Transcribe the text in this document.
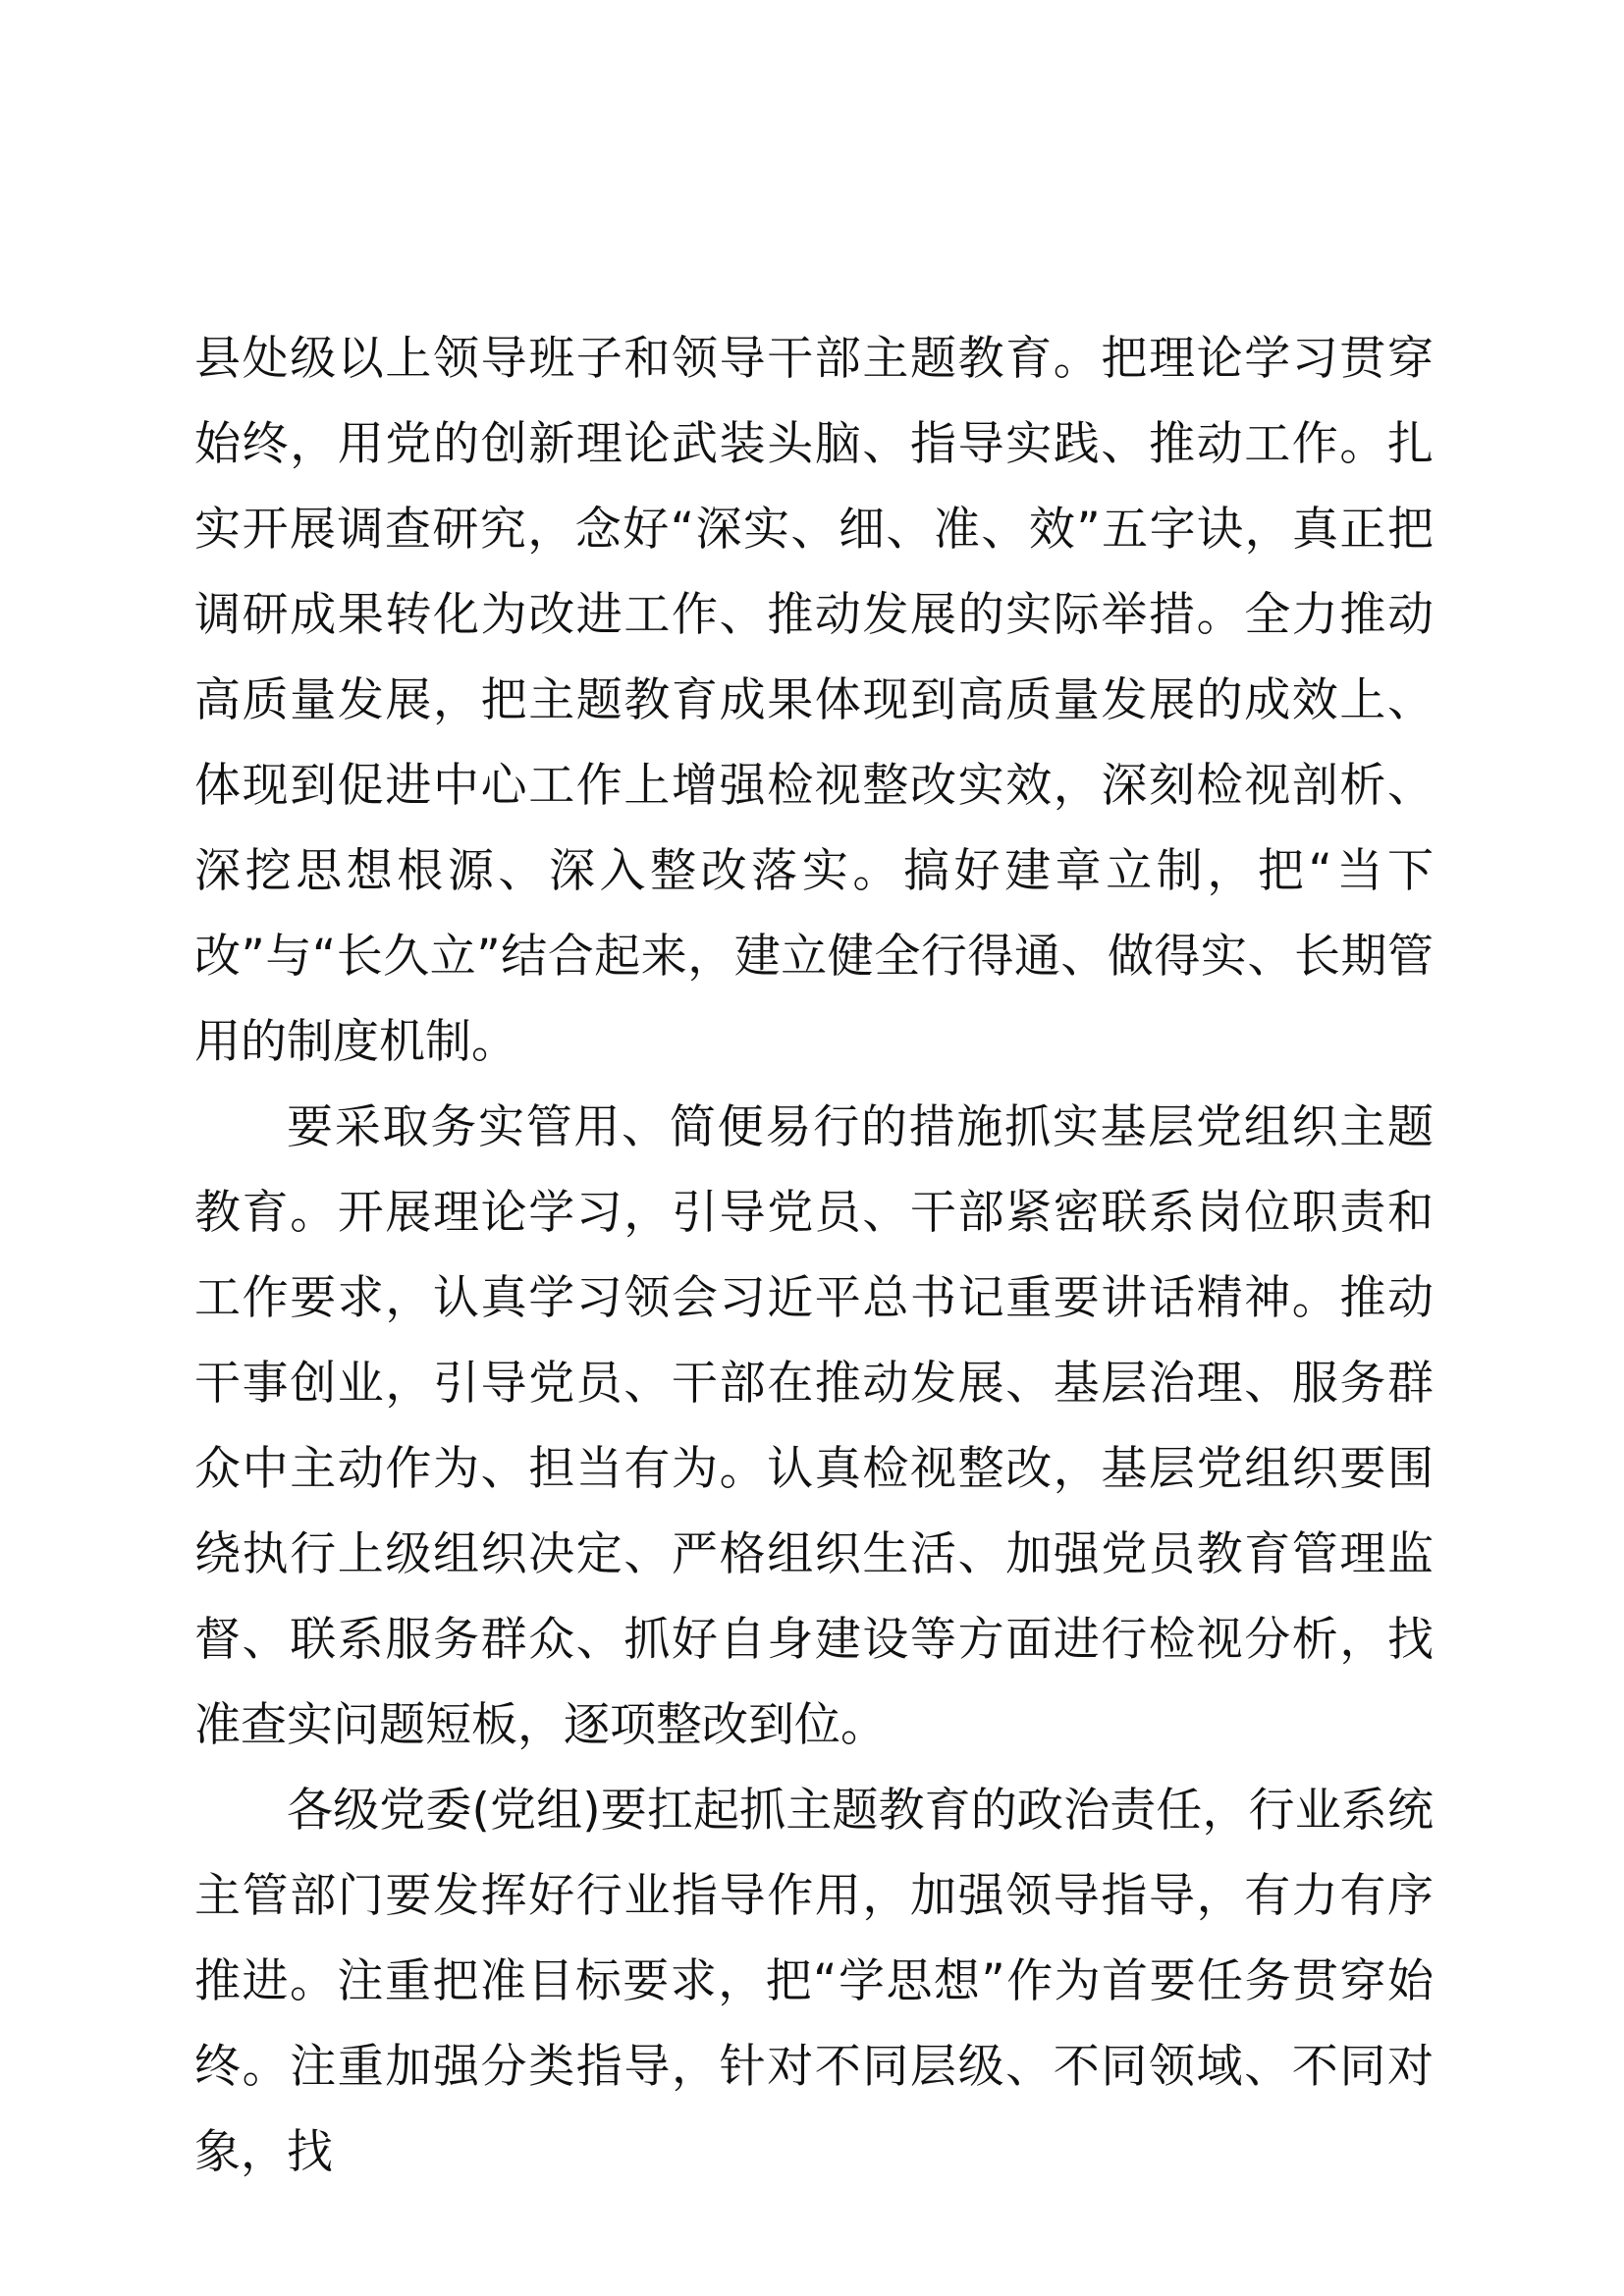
县处级以上领导班子和领导干部主题教育。把理论学习贯穿始终，用党的创新理论武装头脑、指导实践、推动工作。扎实开展调查研究，念好“深实、细、准、效”五字诀，真正把调研成果转化为改进工作、推动发展的实际举措。全力推动高质量发展，把主题教育成果体现到高质量发展的成效上、体现到促进中心工作上增强检视整改实效，深刻检视剖析、深挖思想根源、深入整改落实。搞好建章立制，把“当下改”与“长久立”结合起来，建立健全行得通、做得实、长期管用的制度机制。

要采取务实管用、简便易行的措施抓实基层党组织主题教育。开展理论学习，引导党员、干部紧密联系岗位职责和工作要求，认真学习领会习近平总书记重要讲话精神。推动干事创业，引导党员、干部在推动发展、基层治理、服务群众中主动作为、担当有为。认真检视整改，基层党组织要围绕执行上级组织决定、严格组织生活、加强党员教育管理监督、联系服务群众、抓好自身建设等方面进行检视分析，找准查实问题短板，逐项整改到位。

各级党委(党组)要扛起抓主题教育的政治责任，行业系统主管部门要发挥好行业指导作用，加强领导指导，有力有序推进。注重把准目标要求，把“学思想”作为首要任务贯穿始终。注重加强分类指导，针对不同层级、不同领域、不同对象，找
